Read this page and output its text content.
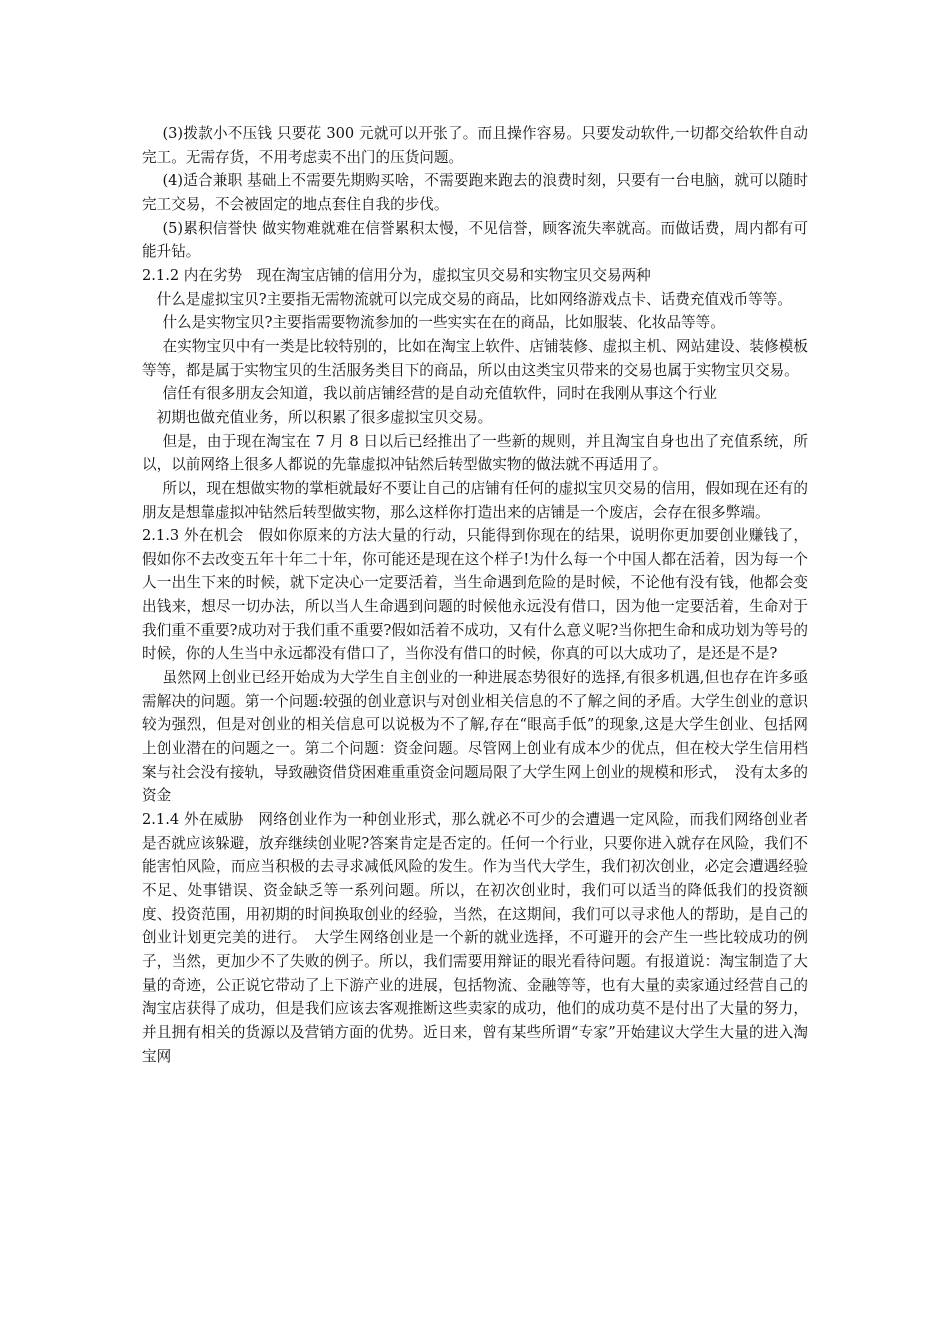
(3)拨款小不压钱 只要花 300 元就可以开张了。而且操作容易。只要发动软件,一切都交给软件自动完工。无需存货，不用考虑卖不出门的压货问题。

(4)适合兼职 基础上不需要先期购买啥，不需要跑来跑去的浪费时刻，只要有一台电脑，就可以随时完工交易，不会被固定的地点套住自我的步伐。

(5)累积信誉快 做实物难就难在信誉累积太慢，不见信誉，顾客流失率就高。而做话费，周内都有可能升钻。

2.1.2 内在劣势　现在淘宝店铺的信用分为，虚拟宝贝交易和实物宝贝交易两种

什么是虚拟宝贝?主要指无需物流就可以完成交易的商品，比如网络游戏点卡、话费充值戏币等等。

什么是实物宝贝?主要指需要物流参加的一些实实在在的商品，比如服装、化妆品等等。

在实物宝贝中有一类是比较特别的，比如在淘宝上软件、店铺装修、虚拟主机、网站建设、装修模板等等，都是属于实物宝贝的生活服务类目下的商品，所以由这类宝贝带来的交易也属于实物宝贝交易。

信任有很多朋友会知道，我以前店铺经营的是自动充值软件，同时在我刚从事这个行业

初期也做充值业务，所以积累了很多虚拟宝贝交易。

但是，由于现在淘宝在 7 月 8 日以后已经推出了一些新的规则，并且淘宝自身也出了充值系统，所以，以前网络上很多人都说的先靠虚拟冲钻然后转型做实物的做法就不再适用了。

所以，现在想做实物的掌柜就最好不要让自己的店铺有任何的虚拟宝贝交易的信用，假如现在还有的朋友是想靠虚拟冲钻然后转型做实物，那么这样你打造出来的店铺是一个废店，会存在很多弊端。

2.1.3 外在机会　假如你原来的方法大量的行动，只能得到你现在的结果，说明你更加要创业赚钱了，假如你不去改变五年十年二十年，你可能还是现在这个样子!为什么每一个中国人都在活着，因为每一个人一出生下来的时候，就下定决心一定要活着，当生命遇到危险的是时候，不论他有没有钱，他都会变出钱来，想尽一切办法，所以当人生命遇到问题的时候他永远没有借口，因为他一定要活着，生命对于我们重不重要?成功对于我们重不重要?假如活着不成功，又有什么意义呢?当你把生命和成功划为等号的时候，你的人生当中永远都没有借口了，当你没有借口的时候，你真的可以大成功了，是还是不是?

虽然网上创业已经开始成为大学生自主创业的一种进展态势很好的选择,有很多机遇,但也存在许多亟需解决的问题。第一个问题:较强的创业意识与对创业相关信息的不了解之间的矛盾。大学生创业的意识较为强烈，但是对创业的相关信息可以说极为不了解,存在“眼高手低”的现象,这是大学生创业、包括网上创业潜在的问题之一。第二个问题：资金问题。尽管网上创业有成本少的优点，但在校大学生信用档案与社会没有接轨，导致融资借贷困难重重资金问题局限了大学生网上创业的规模和形式，　没有太多的资金

2.1.4 外在威胁　网络创业作为一种创业形式，那么就必不可少的会遭遇一定风险，而我们网络创业者是否就应该躲避，放弃继续创业呢?答案肯定是否定的。任何一个行业，只要你进入就存在风险，我们不能害怕风险，而应当积极的去寻求减低风险的发生。作为当代大学生，我们初次创业，必定会遭遇经验不足、处事错误、资金缺乏等一系列问题。所以，在初次创业时，我们可以适当的降低我们的投资额度、投资范围，用初期的时间换取创业的经验，当然，在这期间，我们可以寻求他人的帮助，是自己的创业计划更完美的进行。　大学生网络创业是一个新的就业选择，不可避开的会产生一些比较成功的例子，当然，更加少不了失败的例子。所以，我们需要用辩证的眼光看待问题。有报道说：淘宝制造了大量的奇迹，公正说它带动了上下游产业的进展，包括物流、金融等等，也有大量的卖家通过经营自己的淘宝店获得了成功，但是我们应该去客观推断这些卖家的成功，他们的成功莫不是付出了大量的努力，并且拥有相关的货源以及营销方面的优势。近日来，曾有某些所谓“专家”开始建议大学生大量的进入淘宝网
